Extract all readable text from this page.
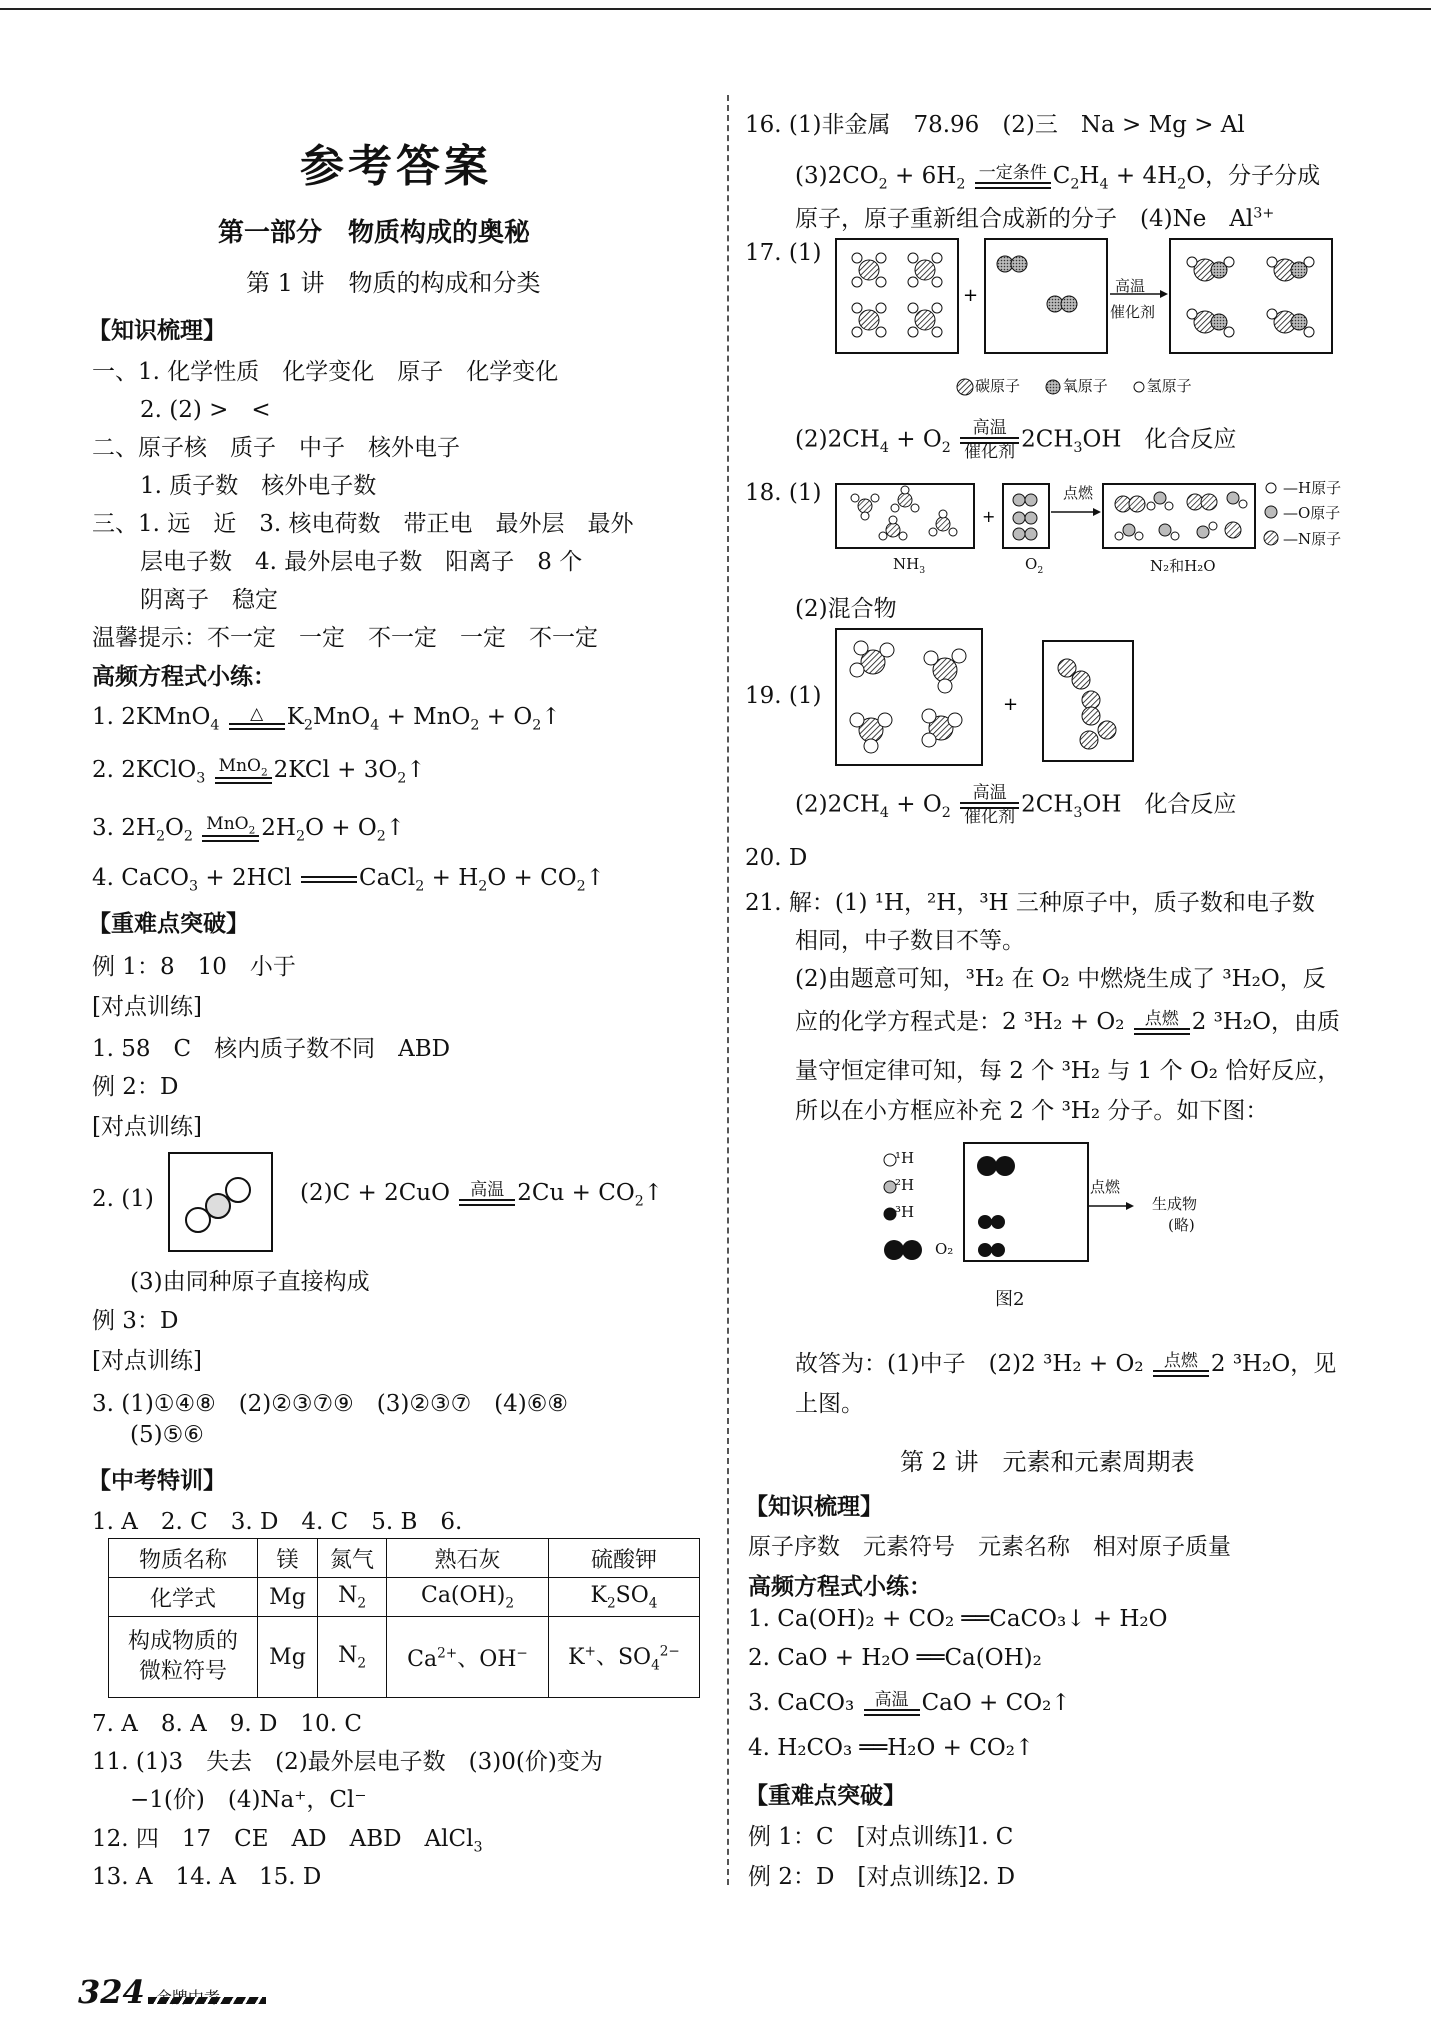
参考答案
第一部分　物质构成的奥秘
第 1 讲　物质的构成和分类
【知识梳理】
一、1. 化学性质　化学变化　原子　化学变化
2. (2) >　<
二、原子核　质子　中子　核外电子
1. 质子数　核外电子数
三、1. 远　近　3. 核电荷数　带正电　最外层　最外
层电子数　4. 最外层电子数　阳离子　8 个
阴离子　稳定
温馨提示：不一定　一定　不一定　一定　不一定
高频方程式小练：
1. 2KMnO$_4$
△	$K_2MnO_4 + MnO_2$ + $O_2↑$
2. 2KClO$_3$
MnO$_2$ $2KCl + 3O_2↑$
3. $2H_2O_2$
MnO$_2$ $2H_2O$ + $O_2↑$
4. CaCO$_3$ + 2HCl	CaCl$_2$ + $H_2O$ + $CO_2↑$
【重难点突破】
例 1：8　10　小于
[对点训练]
1. 58　C　核内质子数不同　ABD
例 2：D
[对点训练]
2. (1)	(2)C + 2CuO	高温 $2Cu + CO_2↑$
(3)由同种原子直接构成
例 3：D
[对点训练]
3. (1)①④⑧　(2)②③⑦⑨　(3)②③⑦　(4)⑥⑧
(5)⑤⑥
【中考特训】
1. A　2. C　3. D　4. C　5. B　6.
物质名称	镁	氮气	熟石灰	硫酸钾
化学式	Mg	$N_2$	$Ca(OH)_2$	$K_2SO_4$
构成物质的
微粒符号	Mg	$N_2$	$Ca^{2+}$、OH−	K+、$SO_4^{2-}$
7. A　8. A　9. D　10. C
11. (1)3　失去　(2)最外层电子数　(3)0(价)变为
−1(价)　(4)Na⁺，Cl⁻
12. 四　17　CE　AD　ABD　AlCl$_3$
13. A　14. A　15. D
16. (1)非金属　78.96　(2)三　Na > Mg > Al
$(3)2CO_2 + 6H_2$
一定条件 $C_2H_4 + 4H_2O$，分子分成
原子，原子重新组合成新的分子　(4)Ne　$Al^{3+}$
17. (1)
+	高温
催化剂
碳原子	氧原子	氢原子
$(2)2CH_4 + O_2$
高温
催化剂 $2CH_3OH$　化合反应
18. (1)
+
点燃
$NH_3$	$O_2$	N₂和H₂O
—H原子
—O原子
—N原子
(2)混合物
19. (1)	+
$(2)2CH_4 + O_2$
高温
催化剂 $2CH_3OH$　化合反应
20. D
21. 解：(1) ¹H，²H，³H 三种原子中，质子数和电子数
相同，中子数目不等。
(2)由题意可知，³H₂ 在 O₂ 中燃烧生成了 ³H₂O，反
应的化学方程式是：2 ³H₂ + O₂	点燃 2 ³H₂O，由质
量守恒定律可知，每 2 个 ³H₂ 与 1 个 O₂ 恰好反应，
所以在小方框应补充 2 个 ³H₂ 分子。如下图：
¹H
²H
³H
O₂
点燃
生成物
(略)
图2
故答为：(1)中子　(2)2 ³H₂ + O₂	点燃 2 ³H₂O，见
上图。
第 2 讲　元素和元素周期表
【知识梳理】
原子序数　元素符号　元素名称　相对原子质量
高频方程式小练：
1. Ca(OH)₂ + CO₂ ══CaCO₃↓ + H₂O
2. CaO + H₂O ══Ca(OH)₂
3. CaCO₃	高温 CaO + CO₂↑
4. H₂CO₃ ══H₂O + CO₂↑
【重难点突破】
例 1：C　[对点训练]1. C
例 2：D　[对点训练]2. D
324
